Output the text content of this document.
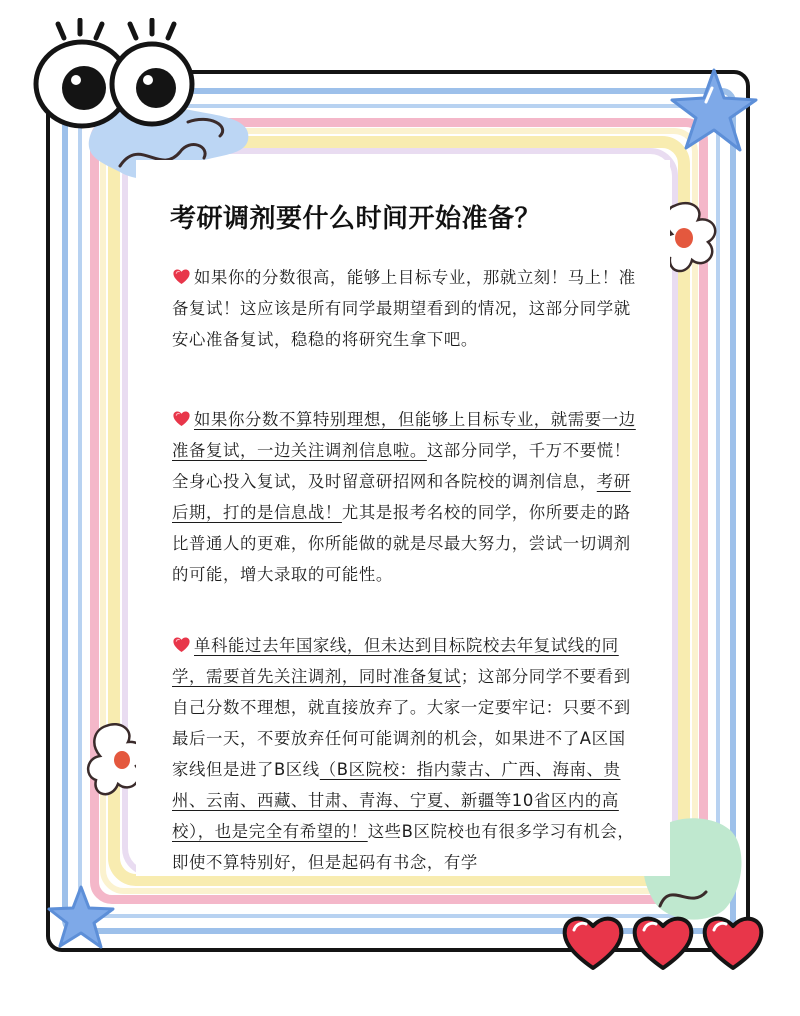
考研调剂要什么时间开始准备？

如果你的分数很高，能够上目标专业，那就立刻！马上！准备复试！这应该是所有同学最期望看到的情况，这部分同学就安心准备复试，稳稳的将研究生拿下吧。

如果你分数不算特别理想，但能够上目标专业，就需要一边准备复试，一边关注调剂信息啦。这部分同学，千万不要慌！全身心投入复试，及时留意研招网和各院校的调剂信息，考研后期，打的是信息战！尤其是报考名校的同学，你所要走的路比普通人的更难，你所能做的就是尽最大努力，尝试一切调剂的可能，增大录取的可能性。

单科能过去年国家线，但未达到目标院校去年复试线的同学，需要首先关注调剂，同时准备复试；这部分同学不要看到自己分数不理想，就直接放弃了。大家一定要牢记：只要不到最后一天，不要放弃任何可能调剂的机会，如果进不了A区国家线但是进了B区线（B区院校：指内蒙古、广西、海南、贵州、云南、西藏、甘肃、青海、宁夏、新疆等10省区内的高校），也是完全有希望的！这些B区院校也有很多学习有机会，即使不算特别好，但是起码有书念，有学
